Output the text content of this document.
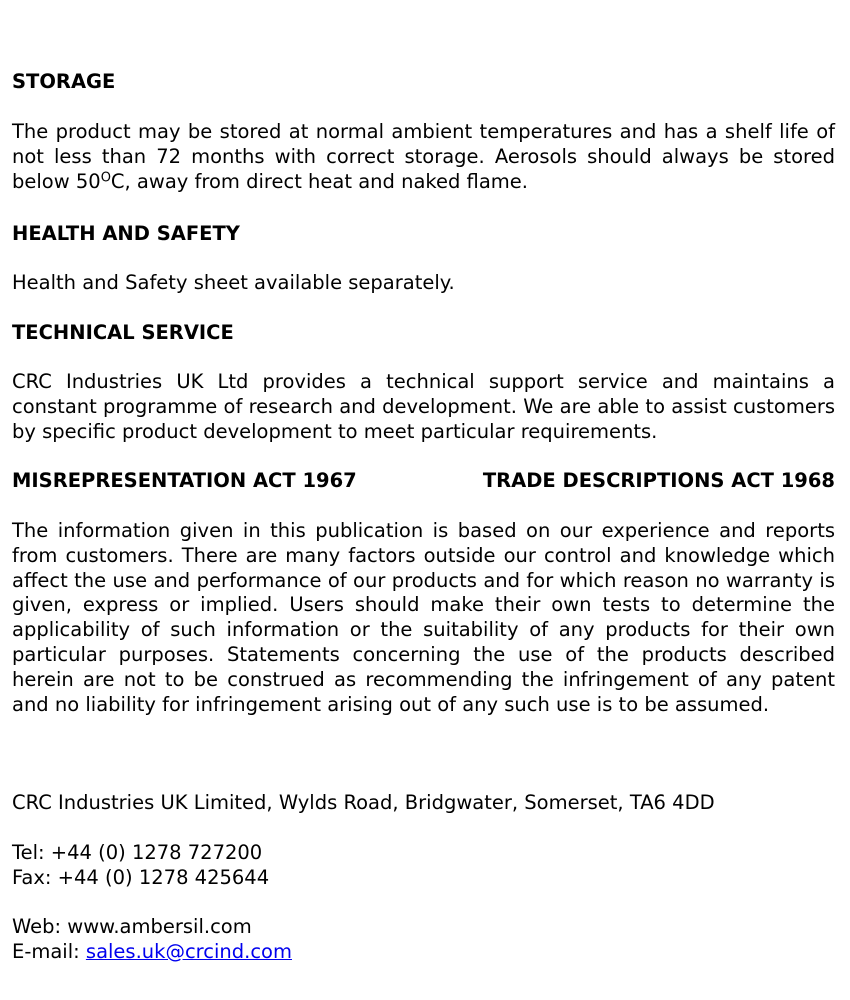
STORAGE

The product may be stored at normal ambient temperatures and has a shelf life of not less than 72 months with correct storage. Aerosols should always be stored below $50^OC$, away from direct heat and naked flame.

HEALTH AND SAFETY

Health and Safety sheet available separately.

TECHNICAL SERVICE

CRC Industries UK Ltd provides a technical support service and maintains a constant programme of research and development. We are able to assist customers by specific product development to meet particular requirements.

MISREPRESENTATION ACT 1967	TRADE DESCRIPTIONS ACT 1968

The information given in this publication is based on our experience and reports from customers. There are many factors outside our control and knowledge which affect the use and performance of our products and for which reason no warranty is given, express or implied. Users should make their own tests to determine the applicability of such information or the suitability of any products for their own particular purposes. Statements concerning the use of the products described herein are not to be construed as recommending the infringement of any patent and no liability for infringement arising out of any such use is to be assumed.

CRC Industries UK Limited, Wylds Road, Bridgwater, Somerset, TA6 4DD

Tel: +44 (0) 1278 727200

Fax: +44 (0) 1278 425644

Web: www.ambersil.com

E-mail: sales.uk@crcind.com
